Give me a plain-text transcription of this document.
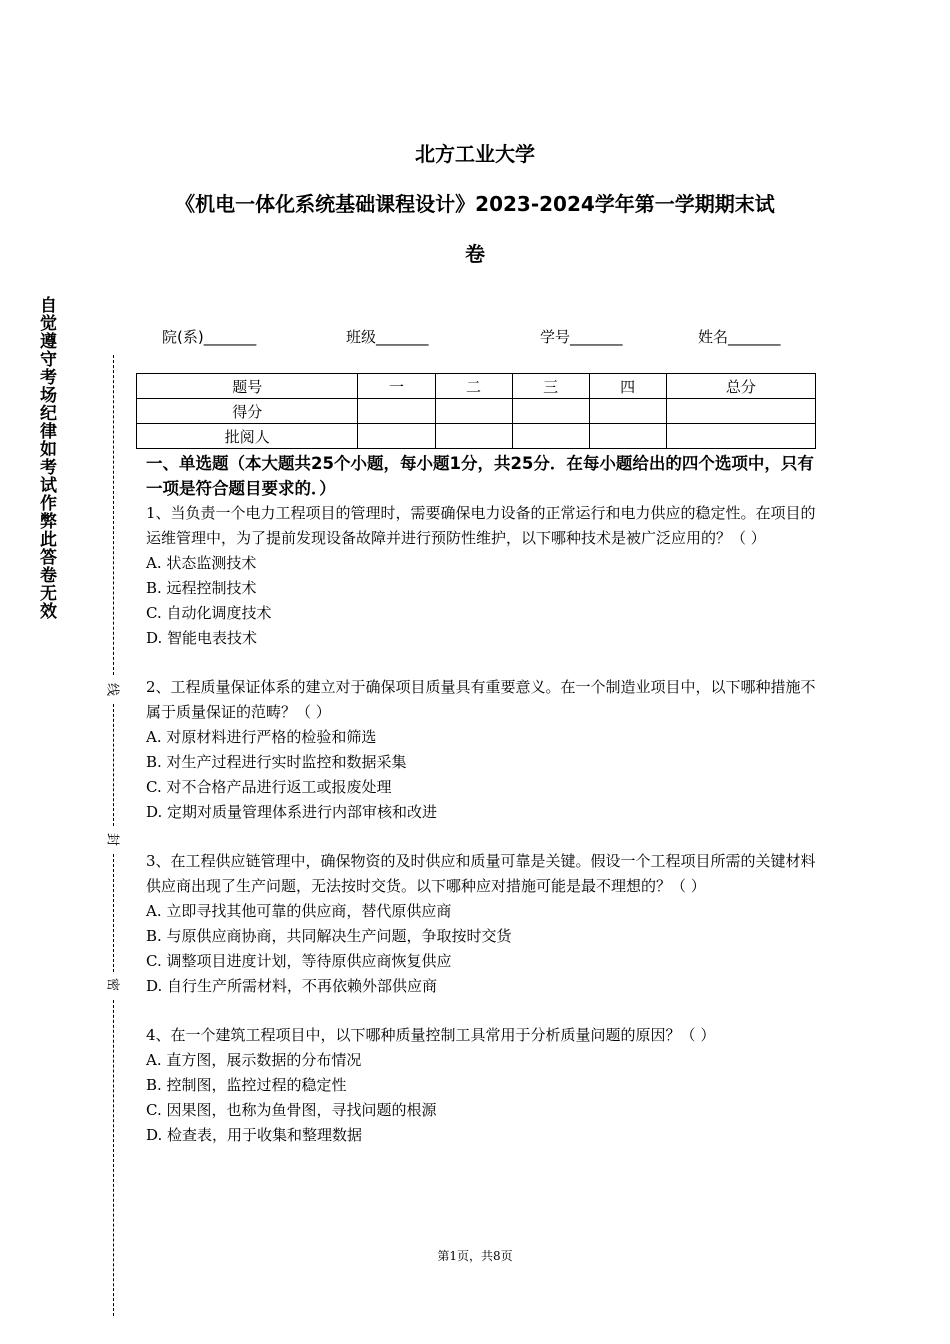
北方工业大学
《机电一体化系统基础课程设计》2023-2024学年第一学期期末试
卷
自觉遵守考场纪律如考试作弊此答卷无效
线
封
密
院(系)_______	班级_______	学号_______	姓名_______
题号	一	二	三	四	总分
得分					
批阅人					
一、单选题（本大题共25个小题，每小题1分，共25分．在每小题给出的四个选项中，只有一项是符合题目要求的．）
1、当负责一个电力工程项目的管理时，需要确保电力设备的正常运行和电力供应的稳定性。在项目的运维管理中，为了提前发现设备故障并进行预防性维护，以下哪种技术是被广泛应用的？（ ）
A. 状态监测技术
B. 远程控制技术
C. 自动化调度技术
D. 智能电表技术
2、工程质量保证体系的建立对于确保项目质量具有重要意义。在一个制造业项目中，以下哪种措施不属于质量保证的范畴？（ ）
A. 对原材料进行严格的检验和筛选
B. 对生产过程进行实时监控和数据采集
C. 对不合格产品进行返工或报废处理
D. 定期对质量管理体系进行内部审核和改进
3、在工程供应链管理中，确保物资的及时供应和质量可靠是关键。假设一个工程项目所需的关键材料供应商出现了生产问题，无法按时交货。以下哪种应对措施可能是最不理想的？（ ）
A. 立即寻找其他可靠的供应商，替代原供应商
B. 与原供应商协商，共同解决生产问题，争取按时交货
C. 调整项目进度计划，等待原供应商恢复供应
D. 自行生产所需材料，不再依赖外部供应商
4、在一个建筑工程项目中，以下哪种质量控制工具常用于分析质量问题的原因？（ ）
A. 直方图，展示数据的分布情况
B. 控制图，监控过程的稳定性
C. 因果图，也称为鱼骨图，寻找问题的根源
D. 检查表，用于收集和整理数据
第1页，共8页
